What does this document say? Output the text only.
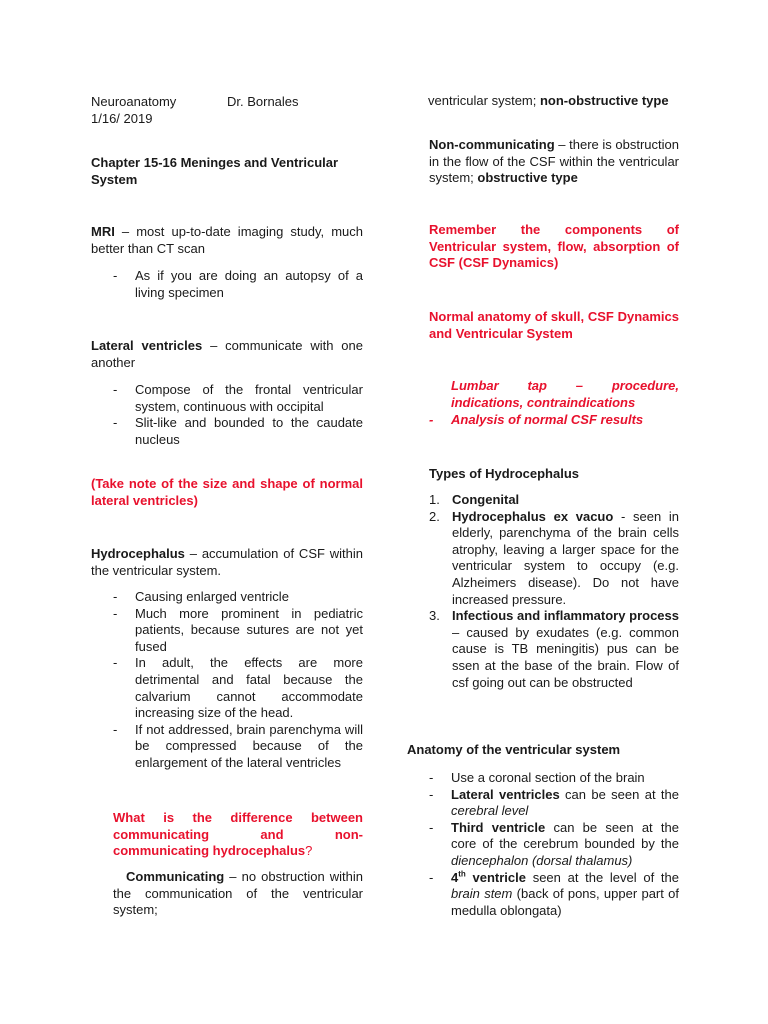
Neuroanatomy	Dr. Bornales
1/16/ 2019
Chapter 15-16 Meninges and Ventricular System
MRI – most up-to-date imaging study, much better than CT scan
- As if you are doing an autopsy of a living specimen
Lateral ventricles – communicate with one another
- Compose of the frontal ventricular system, continuous with occipital
- Slit-like and bounded to the caudate nucleus
(Take note of the size and shape of normal lateral ventricles)
Hydrocephalus – accumulation of CSF within the ventricular system.
- Causing enlarged ventricle
- Much more prominent in pediatric patients, because sutures are not yet fused
- In adult, the effects are more detrimental and fatal because the calvarium cannot accommodate increasing size of the head.
- If not addressed, brain parenchyma will be compressed because of the enlargement of the lateral ventricles
What is the difference between communicating and non-communicating hydrocephalus?
Communicating – no obstruction within the communication of the ventricular system;
ventricular system; non-obstructive type
Non-communicating – there is obstruction in the flow of the CSF within the ventricular system; obstructive type
Remember the components of Ventricular system, flow, absorption of CSF (CSF Dynamics)
Normal anatomy of skull, CSF Dynamics and Ventricular System
Lumbar tap – procedure, indications, contraindications
- Analysis of normal CSF results
Types of Hydrocephalus
1. Congenital
2. Hydrocephalus ex vacuo - seen in elderly, parenchyma of the brain cells atrophy, leaving a larger space for the ventricular system to occupy (e.g. Alzheimers disease). Do not have increased pressure.
3. Infectious and inflammatory process – caused by exudates (e.g. common cause is TB meningitis) pus can be ssen at the base of the brain. Flow of csf going out can be obstructed
Anatomy of the ventricular system
- Use a coronal section of the brain
- Lateral ventricles can be seen at the cerebral level
- Third ventricle can be seen at the core of the cerebrum bounded by the diencephalon (dorsal thalamus)
- 4th ventricle seen at the level of the brain stem (back of pons, upper part of medulla oblongata)
